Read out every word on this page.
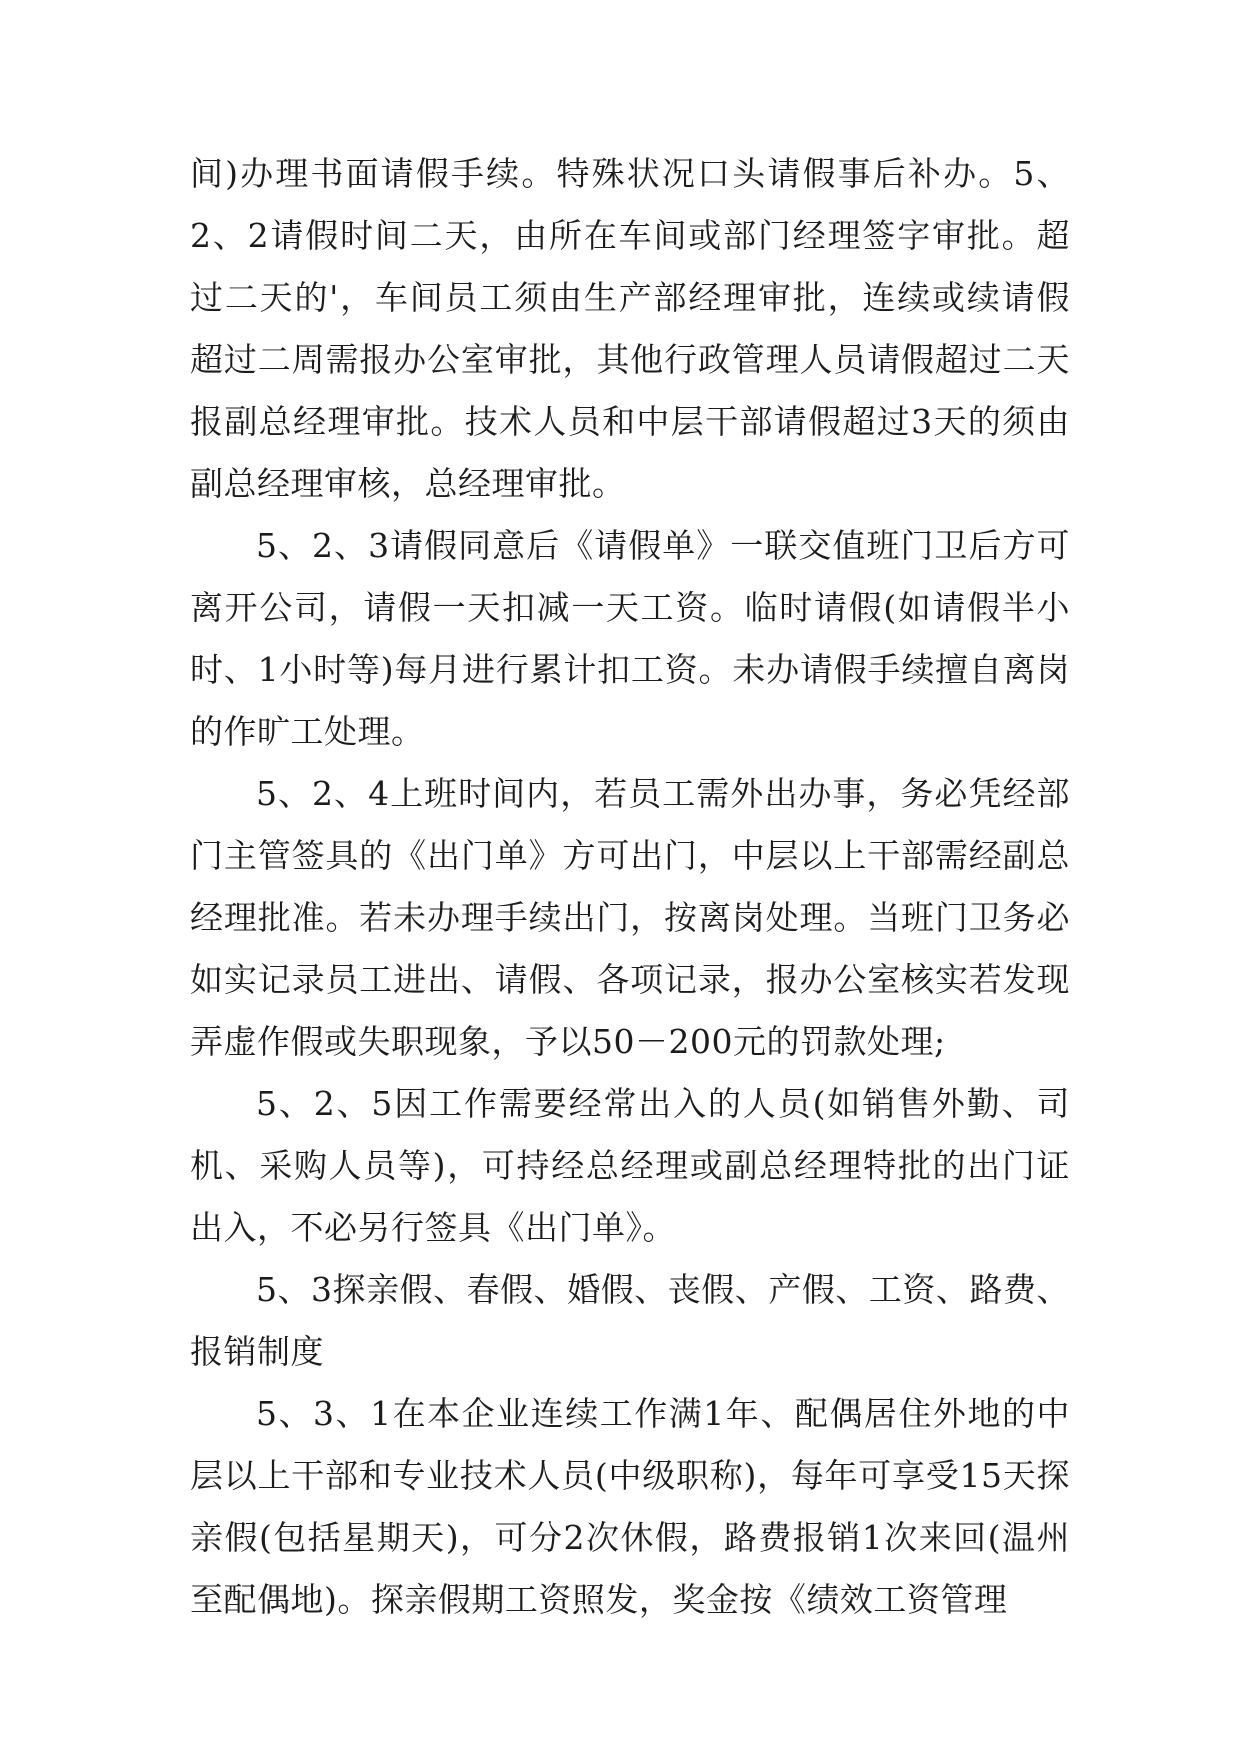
间)办理书面请假手续。特殊状况口头请假事后补办。5、2、2请假时间二天，由所在车间或部门经理签字审批。超过二天的'，车间员工须由生产部经理审批，连续或续请假超过二周需报办公室审批，其他行政管理人员请假超过二天报副总经理审批。技术人员和中层干部请假超过3天的须由副总经理审核，总经理审批。

5、2、3请假同意后《请假单》一联交值班门卫后方可离开公司，请假一天扣减一天工资。临时请假(如请假半小时、1小时等)每月进行累计扣工资。未办请假手续擅自离岗的作旷工处理。

5、2、4上班时间内，若员工需外出办事，务必凭经部门主管签具的《出门单》方可出门，中层以上干部需经副总经理批准。若未办理手续出门，按离岗处理。当班门卫务必如实记录员工进出、请假、各项记录，报办公室核实若发现弄虚作假或失职现象，予以50－200元的罚款处理;

5、2、5因工作需要经常出入的人员(如销售外勤、司机、采购人员等)，可持经总经理或副总经理特批的出门证出入，不必另行签具《出门单》。

5、3探亲假、春假、婚假、丧假、产假、工资、路费、报销制度

5、3、1在本企业连续工作满1年、配偶居住外地的中层以上干部和专业技术人员(中级职称)，每年可享受15天探亲假(包括星期天)，可分2次休假，路费报销1次来回(温州至配偶地)。探亲假期工资照发，奖金按《绩效工资管理
